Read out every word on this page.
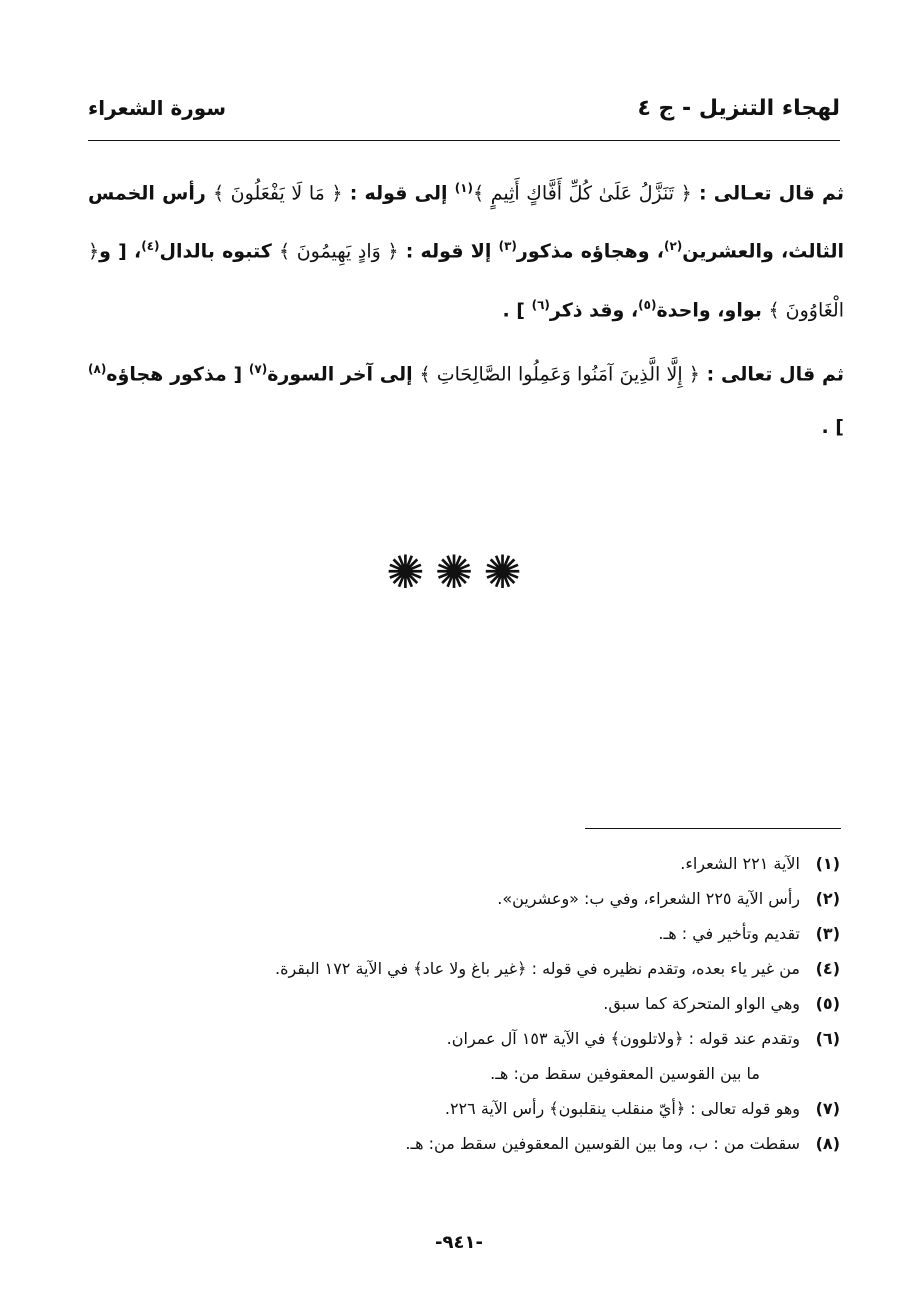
لهجاء التنزيل - ج ٤
سورة الشعراء

ثم قال تعـالى : ﴿ تَنَزَّلُ عَلَىٰ كُلِّ أَفَّاكٍ أَثِيمٍ ﴾$^{(١)}$ إلى قوله : ﴿ مَا لَا يَفْعَلُونَ ﴾ رأس الخمس الثالث، والعشرين$^{(٢)}$، وهجاؤه مذكور$^{(٣)}$ إلا قوله : ﴿ وَادٍ يَهِيمُونَ ﴾ كتبوه بالدال$^{(٤)}$، [ و﴿ الْغَاوُونَ ﴾ بواو، واحدة$^{(٥)}$، وقد ذكر$^{(٦)}$ ] .

ثم قال تعالى : ﴿ إِلَّا الَّذِينَ آمَنُوا وَعَمِلُوا الصَّالِحَاتِ ﴾ إلى آخر السورة$^{(٧)}$ [ مذكور هجاؤه$^{(٨)}$ ] .

✺✺✺
(١)الآية ٢٢١ الشعراء.
(٢)رأس الآية ٢٢٥ الشعراء، وفي ب: «وعشرين».
(٣)تقديم وتأخير في : هـ.
(٤)من غير ياء بعده، وتقدم نظيره في قوله : ﴿غير باغ ولا عاد﴾ في الآية ١٧٢ البقرة.
(٥)وهي الواو المتحركة كما سبق.
(٦)وتقدم عند قوله : ﴿ولاتلوون﴾ في الآية ١٥٣ آل عمران.
ما بين القوسين المعقوفين سقط من: هـ.
(٧)وهو قوله تعالى : ﴿أيّ منقلب ينقلبون﴾ رأس الآية ٢٢٦.
(٨)سقطت من : ب، وما بين القوسين المعقوفين سقط من: هـ.
-٩٤١-
